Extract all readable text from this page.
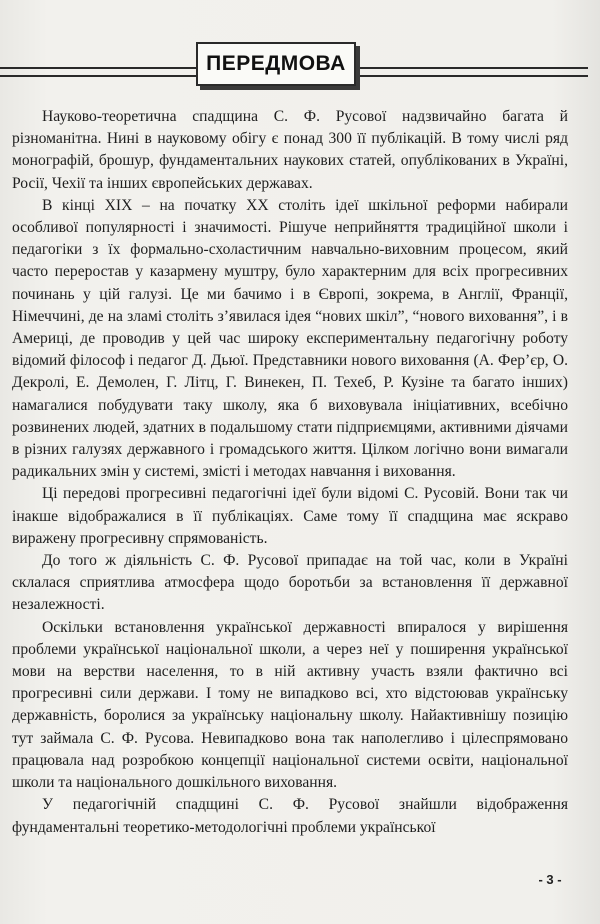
ПЕРЕДМОВА

Науково-теоретична спадщина С. Ф. Русової надзвичайно багата й різноманітна. Нині в науковому обігу є понад 300 її публікацій. В тому числі ряд монографій, брошур, фундаментальних наукових статей, опублікованих в Україні, Росії, Чехії та інших європейських державах.

В кінці XIX – на початку XX століть ідеї шкільної реформи набирали особливої популярності і значимості. Рішуче неприйняття традиційної школи і педагогіки з їх формально-схоластичним навчально-виховним процесом, який часто переростав у казармену муштру, було характерним для всіх прогресивних починань у цій галузі. Це ми бачимо і в Європі, зокрема, в Англії, Франції, Німеччині, де на зламі століть з’явилася ідея “нових шкіл”, “нового виховання”, і в Америці, де проводив у цей час широку експериментальну педагогічну роботу відомий філософ і педагог Д. Дьюї. Представники нового виховання (А. Фер’єр, О. Декролі, Е. Демолен, Г. Літц, Г. Винекен, П. Техеб, Р. Кузіне та багато інших) намагалися побудувати таку школу, яка б виховувала ініціативних, всебічно розвинених людей, здатних в подальшому стати підприємцями, активними діячами в різних галузях державного і громадського життя. Цілком логічно вони вимагали радикальних змін у системі, змісті і методах навчання і виховання.

Ці передові прогресивні педагогічні ідеї були відомі С. Русовій. Вони так чи інакше відображалися в її публікаціях. Саме тому її спадщина має яскраво виражену прогресивну спрямованість.

До того ж діяльність С. Ф. Русової припадає на той час, коли в Україні склалася сприятлива атмосфера щодо боротьби за встановлення її державної незалежності.

Оскільки встановлення української державності впиралося у вирішення проблеми української національної школи, а через неї у поширення української мови на верстви населення, то в ній активну участь взяли фактично всі прогресивні сили держави. І тому не випадково всі, хто відстоював українську державність, боролися за українську національну школу. Найактивнішу позицію тут займала С. Ф. Русова. Невипадково вона так наполегливо і цілеспрямовано працювала над розробкою концепції національної системи освіти, національної школи та національного дошкільного виховання.

У педагогічній спадщині С. Ф. Русової знайшли відображення фундаментальні теоретико-методологічні проблеми української

- 3 -
